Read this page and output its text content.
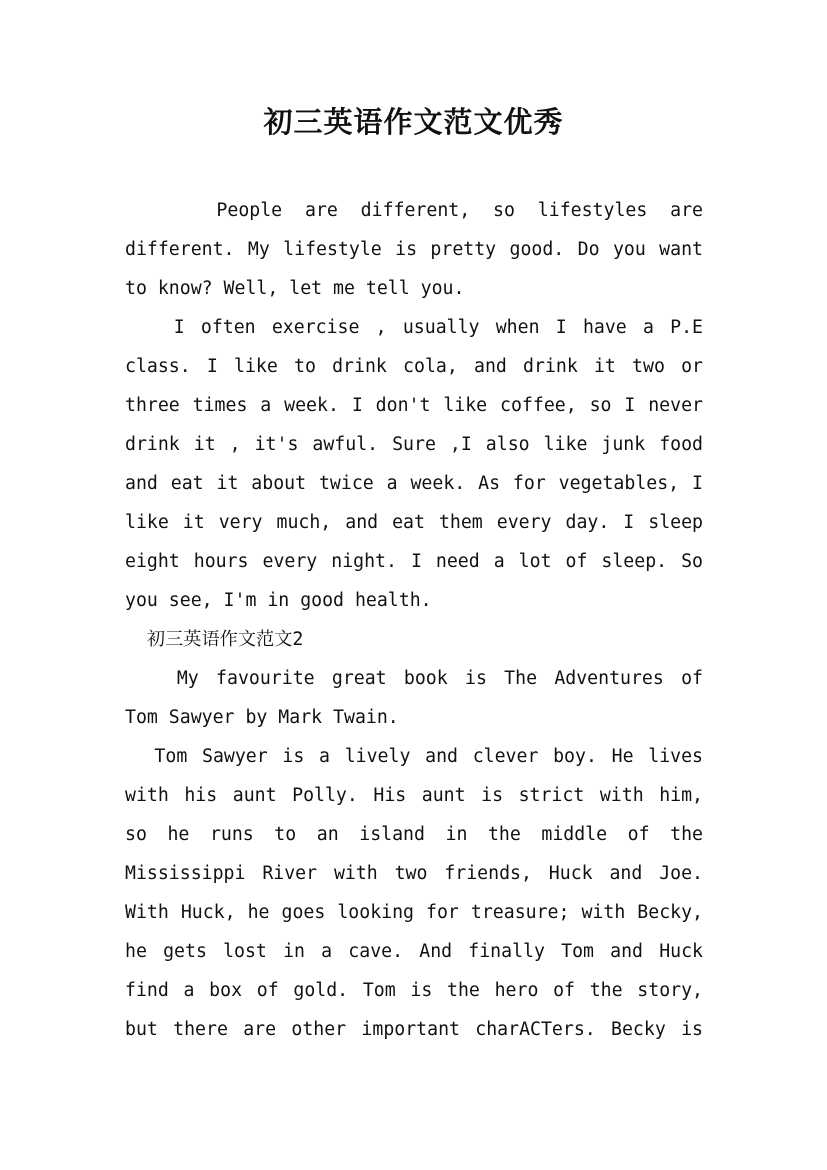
初三英语作文范文优秀
People are different, so lifestyles are
different. My lifestyle is pretty good. Do you want
to know? Well, let me tell you.
I often exercise , usually when I have a P.E
class. I like to drink cola, and drink it two or
three times a week. I don't like coffee, so I never
drink it , it's awful. Sure ,I also like junk food
and eat it about twice a week. As for vegetables, I
like it very much, and eat them every day. I sleep
eight hours every night. I need a lot of sleep. So
you see, I'm in good health.
初三英语作文范文2
My favourite great book is The Adventures of
Tom Sawyer by Mark Twain.
Tom Sawyer is a lively and clever boy. He lives
with his aunt Polly. His aunt is strict with him,
so he runs to an island in the middle of the
Mississippi River with two friends, Huck and Joe.
With Huck, he goes looking for treasure; with Becky,
he gets lost in a cave. And finally Tom and Huck
find a box of gold. Tom is the hero of the story,
but there are other important charACTers. Becky is
